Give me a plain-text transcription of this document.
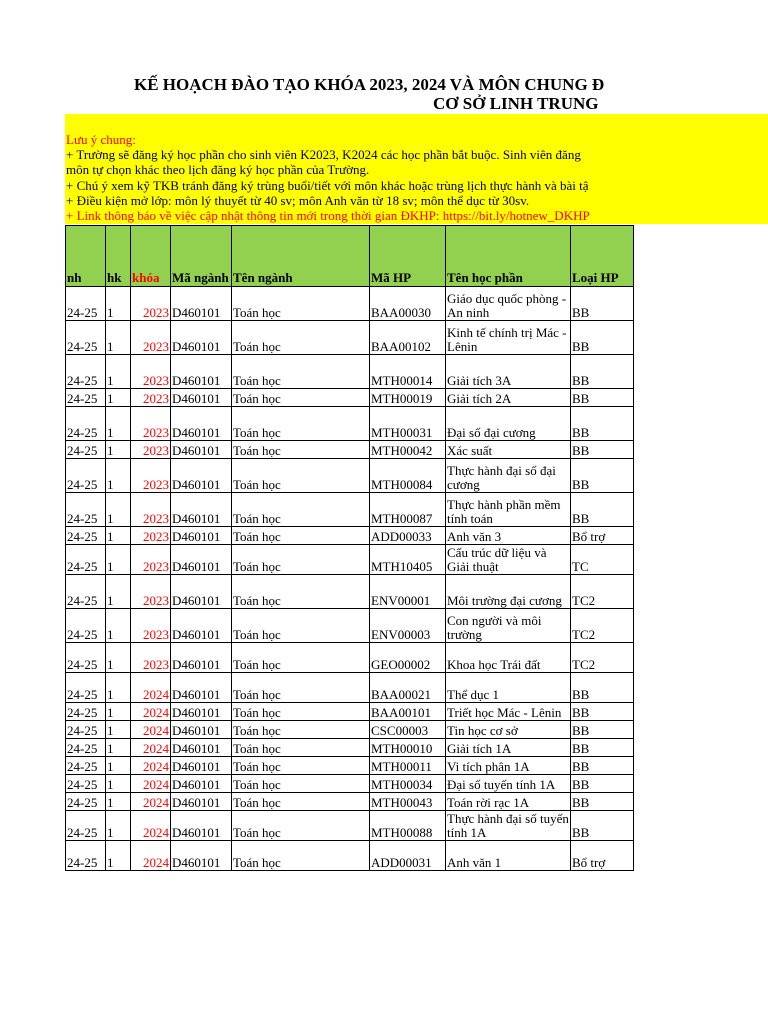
KẾ HOẠCH ĐÀO TẠO KHÓA 2023, 2024 VÀ MÔN CHUNG Đ
CƠ SỞ LINH TRUNG
Lưu ý chung:
+ Trường sẽ đăng ký học phần cho sinh viên K2023, K2024 các học phần bắt buộc. Sinh viên đăng
môn tự chọn khác theo lịch đăng ký học phần của Trường.
+ Chú ý xem kỹ TKB tránh đăng ký trùng buổi/tiết với môn khác hoặc trùng lịch thực hành và bài tậ
+ Điều kiện mở lớp: môn lý thuyết từ 40 sv; môn Anh văn từ 18 sv; môn thể dục từ 30sv.
+ Link thông báo về việc cập nhật thông tin mới trong thời gian ĐKHP: https://bit.ly/hotnew_DKHP
nh	hk	khóa	Mã ngành	Tên ngành	Mã HP	Tên học phần	Loại HP
24-25	1	2023	D460101	Toán học	BAA00030	Giáo dục quốc phòng - An ninh	BB
24-25	1	2023	D460101	Toán học	BAA00102	Kinh tế chính trị Mác - Lênin	BB
24-25	1	2023	D460101	Toán học	MTH00014	Giải tích 3A	BB
24-25	1	2023	D460101	Toán học	MTH00019	Giải tích 2A	BB
24-25	1	2023	D460101	Toán học	MTH00031	Đại số đại cương	BB
24-25	1	2023	D460101	Toán học	MTH00042	Xác suất	BB
24-25	1	2023	D460101	Toán học	MTH00084	Thực hành đại số đại cương	BB
24-25	1	2023	D460101	Toán học	MTH00087	Thực hành phần mềm tính toán	BB
24-25	1	2023	D460101	Toán học	ADD00033	Anh văn 3	Bổ trợ
24-25	1	2023	D460101	Toán học	MTH10405	Cấu trúc dữ liệu và Giải thuật	TC
24-25	1	2023	D460101	Toán học	ENV00001	Môi trường đại cương	TC2
24-25	1	2023	D460101	Toán học	ENV00003	Con người và môi trường	TC2
24-25	1	2023	D460101	Toán học	GEO00002	Khoa học Trái đất	TC2
24-25	1	2024	D460101	Toán học	BAA00021	Thể dục 1	BB
24-25	1	2024	D460101	Toán học	BAA00101	Triết học Mác - Lênin	BB
24-25	1	2024	D460101	Toán học	CSC00003	Tin học cơ sở	BB
24-25	1	2024	D460101	Toán học	MTH00010	Giải tích 1A	BB
24-25	1	2024	D460101	Toán học	MTH00011	Vi tích phân 1A	BB
24-25	1	2024	D460101	Toán học	MTH00034	Đại số tuyến tính 1A	BB
24-25	1	2024	D460101	Toán học	MTH00043	Toán rời rạc 1A	BB
24-25	1	2024	D460101	Toán học	MTH00088	Thực hành đại số tuyến tính 1A	BB
24-25	1	2024	D460101	Toán học	ADD00031	Anh văn 1	Bổ trợ
